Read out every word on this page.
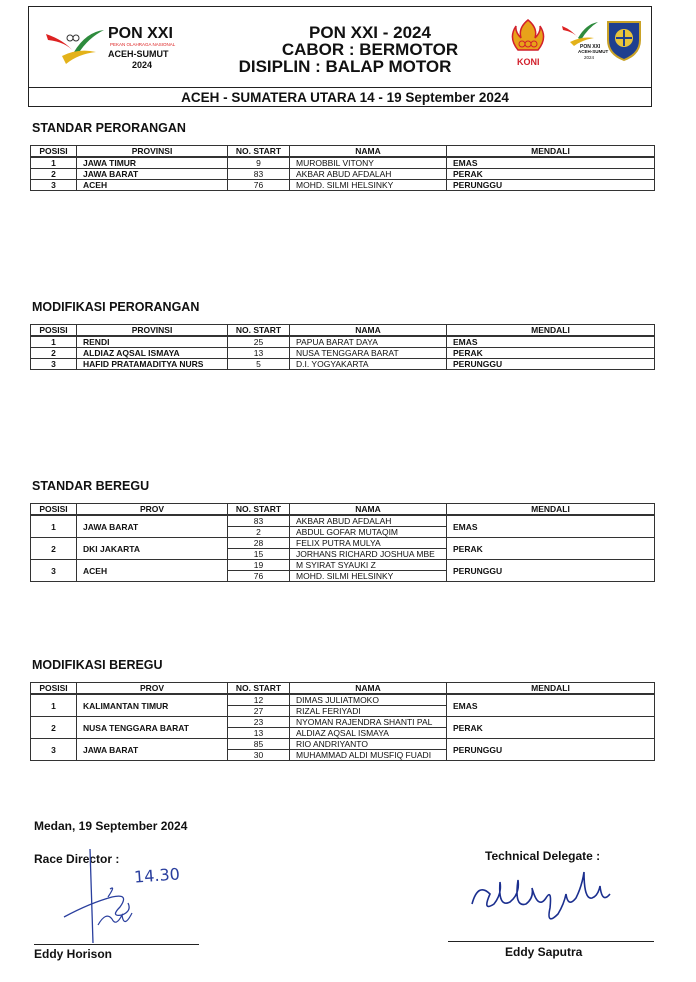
PON XXI
PEKAN OLAHRAGA NASIONAL
ACEH-SUMUT
2024
PON XXI - 2024
CABOR : BERMOTOR
DISIPLIN : BALAP MOTOR
ACEH - SUMATERA UTARA 14 - 19 September 2024
KONI
PON XXI
ACEH-SUMUT
2024
STANDAR PERORANGAN
POSISI	PROVINSI	NO. START	NAMA	MENDALI

1	JAWA TIMUR	9	MUROBBIL VITONY	EMAS
2	JAWA BARAT	83	AKBAR ABUD AFDALAH	PERAK
3	ACEH	76	MOHD. SILMI HELSINKY	PERUNGGU
MODIFIKASI PERORANGAN
POSISI	PROVINSI	NO. START	NAMA	MENDALI

1	RENDI	25	PAPUA BARAT DAYA	EMAS
2	ALDIAZ AQSAL ISMAYA	13	NUSA TENGGARA BARAT	PERAK
3	HAFID PRATAMADITYA NURS	5	D.I. YOGYAKARTA	PERUNGGU
STANDAR BEREGU
POSISI	PROV	NO. START	NAMA	MENDALI

1	JAWA BARAT	83	AKBAR ABUD AFDALAH	EMAS
		2	ABDUL GOFAR MUTAQIM	
2	DKI JAKARTA	28	FELIX PUTRA MULYA	PERAK
		15	JORHANS RICHARD JOSHUA MBE	
3	ACEH	19	M SYIRAT SYAUKI Z	PERUNGGU
		76	MOHD. SILMI HELSINKY	
MODIFIKASI BEREGU
POSISI	PROV	NO. START	NAMA	MENDALI

1	KALIMANTAN TIMUR	12	DIMAS JULIATMOKO	EMAS
		27	RIZAL FERIYADI	
2	NUSA TENGGARA BARAT	23	NYOMAN RAJENDRA SHANTI PAL	PERAK
		13	ALDIAZ AQSAL ISMAYA	
3	JAWA BARAT	85	RIO ANDRIYANTO	PERUNGGU
		30	MUHAMMAD ALDI MUSFIQ FUADI	
Medan, 19 September 2024
Race Director :
14.30
Eddy Horison
Technical Delegate :
Eddy Saputra
